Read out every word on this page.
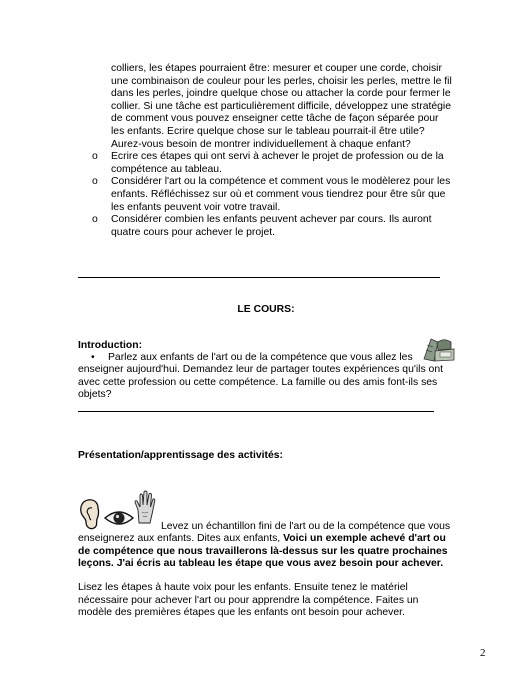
colliers, les étapes pourraient être: mesurer et couper une corde, choisir une combinaison de couleur pour les perles, choisir les perles, mettre le fil dans les perles, joindre quelque chose ou attacher la corde pour fermer le collier. Si une tâche est particulièrement difficile, développez une stratégie de comment vous pouvez enseigner cette tâche de façon séparée pour les enfants. Ecrire quelque chose sur le tableau pourrait-il être utile? Aurez-vous besoin de montrer individuellement à chaque enfant?

o Ecrire ces étapes qui ont servi à achever le projet de profession ou de la compétence au tableau.
o Considérer l'art ou la compétence et comment vous le modèlerez pour les enfants. Réfléchissez sur où et comment vous tiendrez pour être sûr que les enfants peuvent voir votre travail.
o Considérer combien les enfants peuvent achever par cours. Ils auront quatre cours pour achever le projet.
LE COURS:
Introduction:
• Parlez aux enfants de l'art ou de la compétence que vous allez les
enseigner aujourd'hui. Demandez leur de partager toutes expériences qu'ils ont avec cette profession ou cette compétence. La famille ou des amis font-ils ses objets?
Présentation/apprentissage des activités:
Levez un échantillon fini de l'art ou de la compétence que vous
enseignerez aux enfants. Dites aux enfants, Voici un exemple achevé d'art ou de compétence que nous travaillerons là-dessus sur les quatre prochaines leçons. J'ai écris au tableau les étape que vous avez besoin pour achever.
Lisez les étapes à haute voix pour les enfants. Ensuite tenez le matériel nécessaire pour achever l'art ou pour apprendre la compétence. Faites un modèle des premières étapes que les enfants ont besoin pour achever.
2
